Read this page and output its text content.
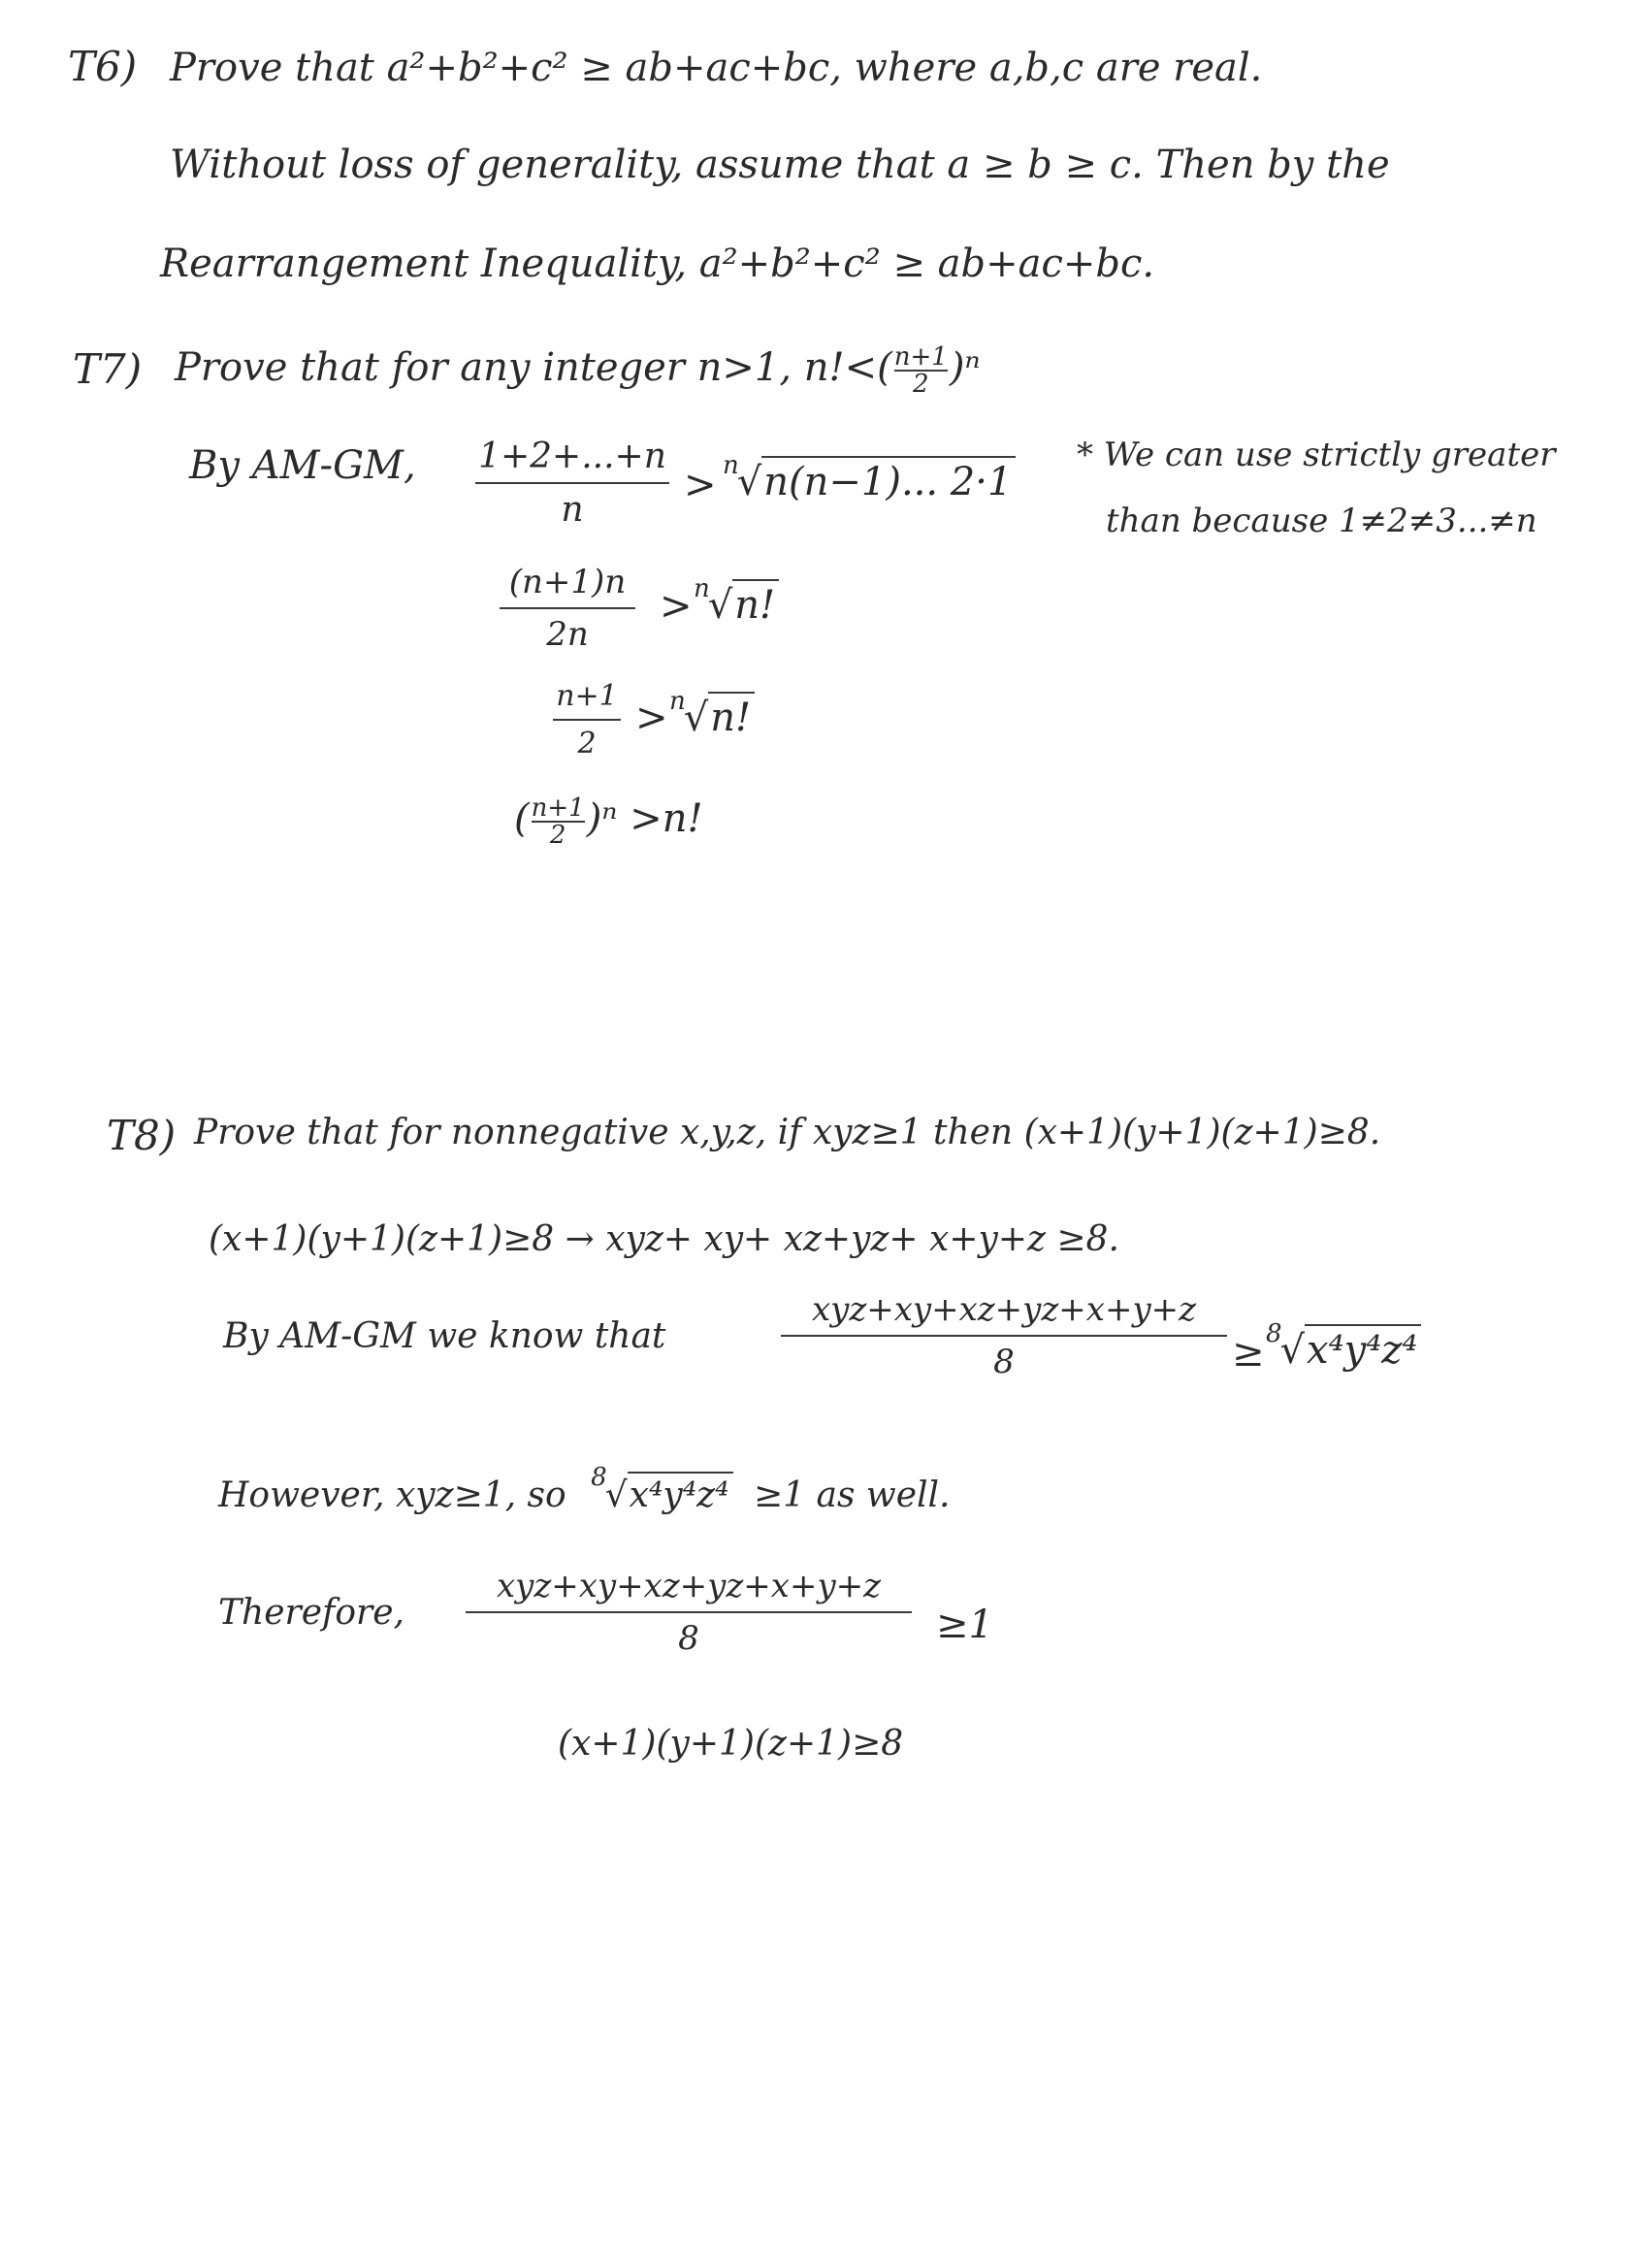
T6) Prove that a²+b²+c² ≥ ab+ac+bc, where a,b,c are real.
Without loss of generality, assume that a ≥ b ≥ c. Then by the
Rearrangement Inequality, a²+b²+c² ≥ ab+ac+bc.
T7) Prove that for any integer n>1, $n!<( \frac{n+1}{2} )^n$
By AM-GM, 1+2+...+n
n
> $^n$√n(n−1)... 2·1
* We can use strictly greater
than because 1≠2≠3...≠n
(n+1)n
2n
> $^n$√n!
n+1
2
> $^n$√n!
( $\frac{n+1}{2} )^n >n$!
T8) Prove that for nonnegative x,y,z, if xyz≥1 then (x+1)(y+1)(z+1)≥8.
(x+1)(y+1)(z+1)≥8 → xyz+ xy+ xz+yz+ x+y+z ≥8.
By AM-GM we know that
xyz+xy+xz+yz+x+y+z
8	≥ $^8$√x⁴y⁴z⁴
However, xyz≥1, so $^8$√x⁴y⁴z⁴ ≥1 as well.
Therefore,
xyz+xy+xz+yz+x+y+z
8	≥1
(x+1)(y+1)(z+1)≥8
